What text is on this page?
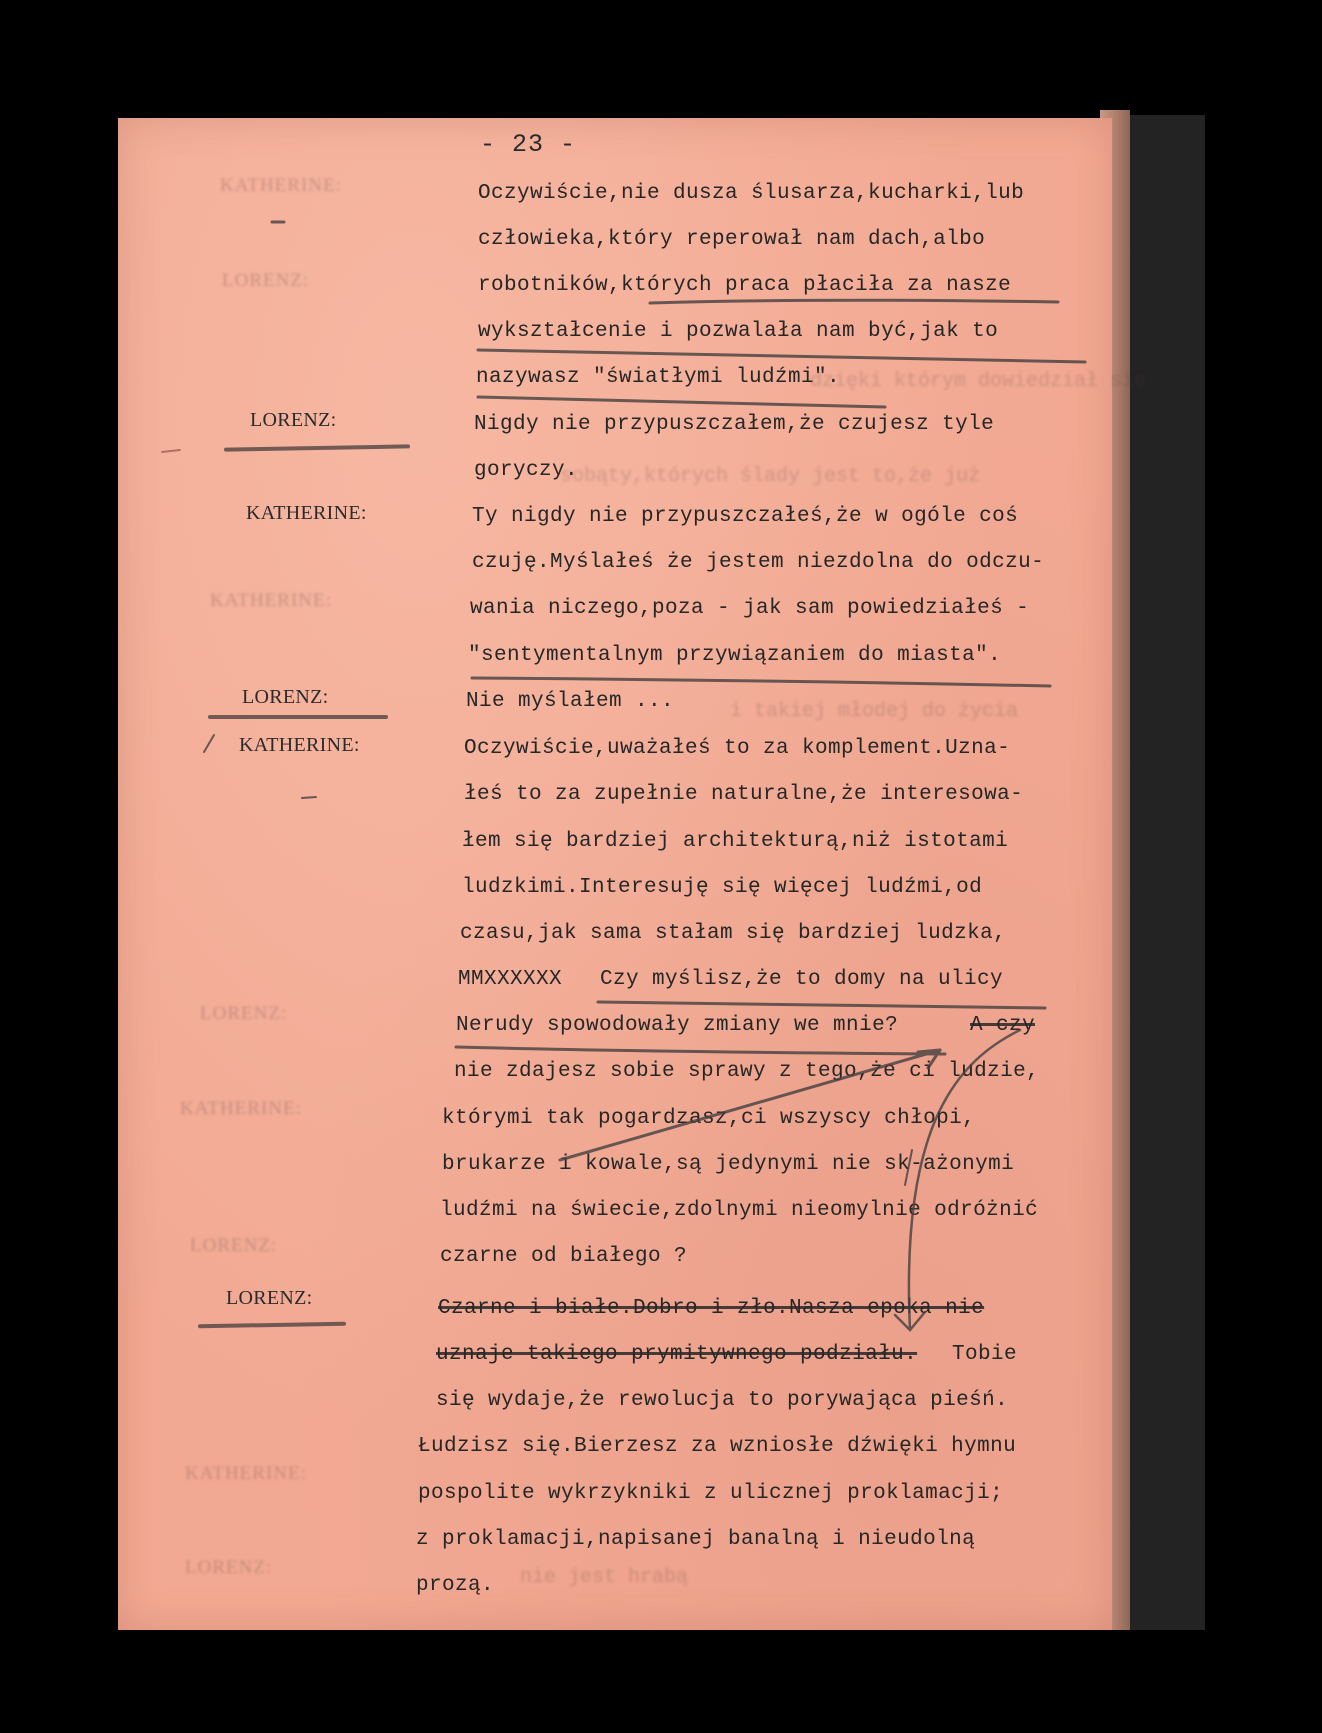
KATHERINE:
LORENZ:
KATHERINE:
LORENZ:
KATHERINE:
LORENZ:
KATHERINE:
LORENZ:
dzięki którym dowiedział się
sobąty,których ślady jest to,że już
i takiej młodej do życia
nie jest hrabą
- 23 -
LORENZ:
KATHERINE:
LORENZ:
KATHERINE:
LORENZ:
Oczywiście,nie dusza ślusarza,kucharki,lub
człowieka,który reperował nam dach,albo
robotników,których praca płaciła za nasze
wykształcenie i pozwalała nam być,jak to
nazywasz "światłymi ludźmi".
Nigdy nie przypuszczałem,że czujesz tyle
goryczy.
Ty nigdy nie przypuszczałeś,że w ogóle coś
czuję.Myślałeś że jestem niezdolna do odczu-
wania niczego,poza - jak sam powiedziałeś -
"sentymentalnym przywiązaniem do miasta".
Nie myślałem ...
Oczywiście,uważałeś to za komplement.Uzna-
łeś to za zupełnie naturalne,że interesowa-
łem się bardziej architekturą,niż istotami
ludzkimi.Interesuję się więcej ludźmi,od
czasu,jak sama stałam się bardziej ludzka,
MMXXXXXX Czy myślisz,że to domy na ulicy
Nerudy spowodowały zmiany we mnie?	A czy
nie zdajesz sobie sprawy z tego,że ci ludzie,
którymi tak pogardzasz,ci wszyscy chłopi,
brukarze i kowale,są jedynymi nie sk-ażonymi
ludźmi na świecie,zdolnymi nieomylnie odróżnić
czarne od białego ?
Czarne i białe.Dobro i zło.Nasza epoka nie
uznaje takiego prymitywnego podziału. Tobie
się wydaje,że rewolucja to porywająca pieśń.
Łudzisz się.Bierzesz za wzniosłe dźwięki hymnu
pospolite wykrzykniki z ulicznej proklamacji;
z proklamacji,napisanej banalną i nieudolną
prozą.
